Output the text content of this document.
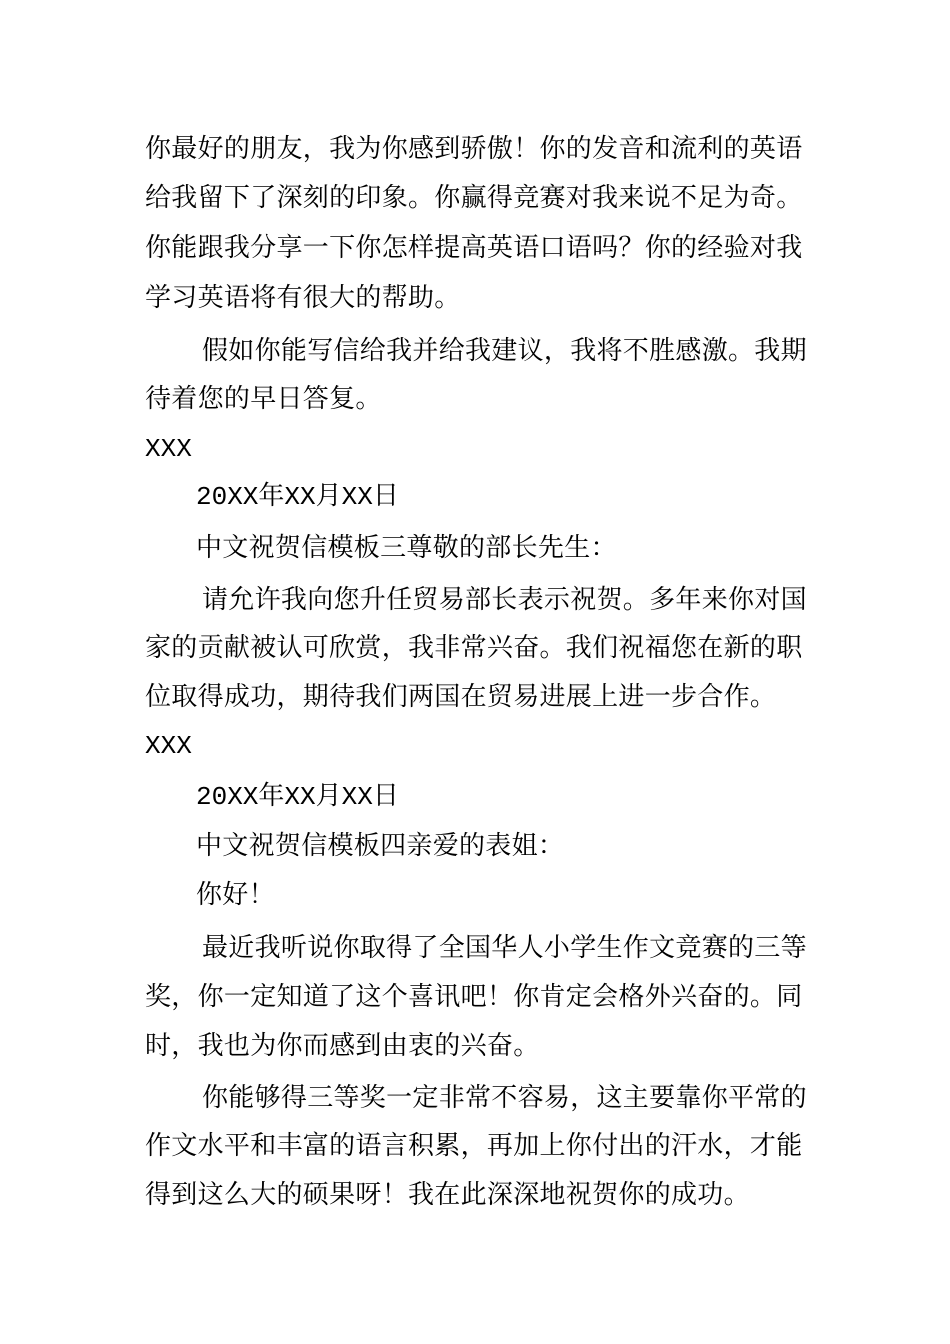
你最好的朋友，我为你感到骄傲！你的发音和流利的英语
给我留下了深刻的印象。你赢得竞赛对我来说不足为奇。
你能跟我分享一下你怎样提高英语口语吗？你的经验对我
学习英语将有很大的帮助。
假如你能写信给我并给我建议，我将不胜感激。我期
待着您的早日答复。
XXX
20XX年XX月XX日
中文祝贺信模板三尊敬的部长先生：
请允许我向您升任贸易部长表示祝贺。多年来你对国
家的贡献被认可欣赏，我非常兴奋。我们祝福您在新的职
位取得成功，期待我们两国在贸易进展上进一步合作。
XXX
20XX年XX月XX日
中文祝贺信模板四亲爱的表姐：
你好！
最近我听说你取得了全国华人小学生作文竞赛的三等
奖，你一定知道了这个喜讯吧！你肯定会格外兴奋的。同
时，我也为你而感到由衷的兴奋。
你能够得三等奖一定非常不容易，这主要靠你平常的
作文水平和丰富的语言积累，再加上你付出的汗水，才能
得到这么大的硕果呀！我在此深深地祝贺你的成功。
